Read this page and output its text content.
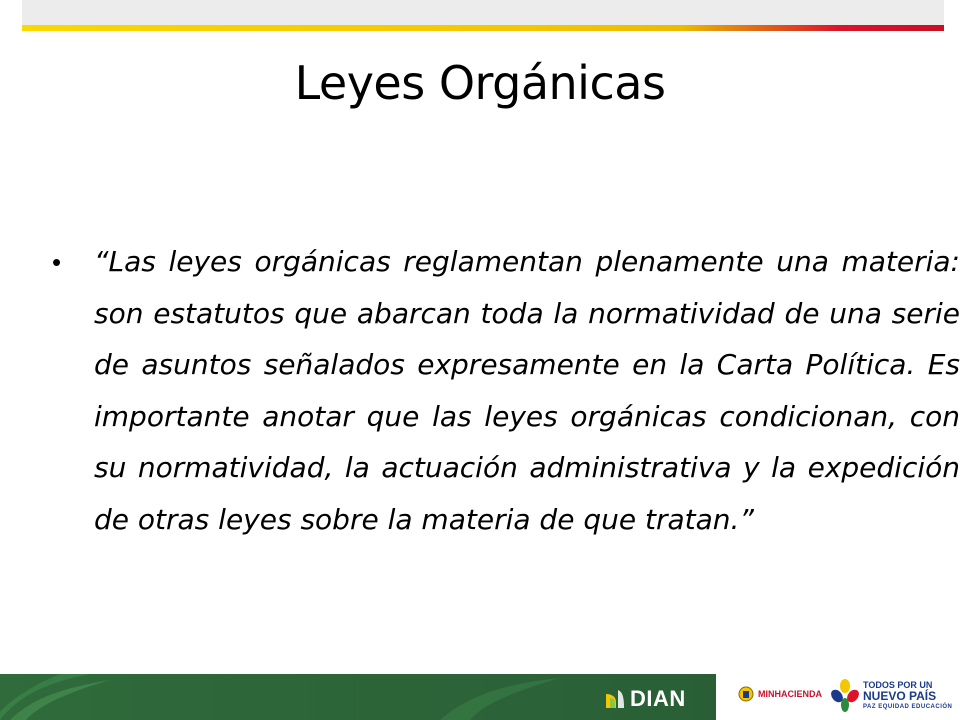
Leyes Orgánicas
• “Las leyes orgánicas reglamentan plenamente una materia: son estatutos que abarcan toda la normatividad de una serie de asuntos señalados expresamente en la Carta Política. Es importante anotar que las leyes orgánicas condicionan, con su normatividad, la actuación administrativa y la expedición de otras leyes sobre la materia de que tratan.”

DIAN	MINHACIENDA
TODOS POR UN
NUEVO PAÍS
PAZ EQUIDAD EDUCACIÓN
